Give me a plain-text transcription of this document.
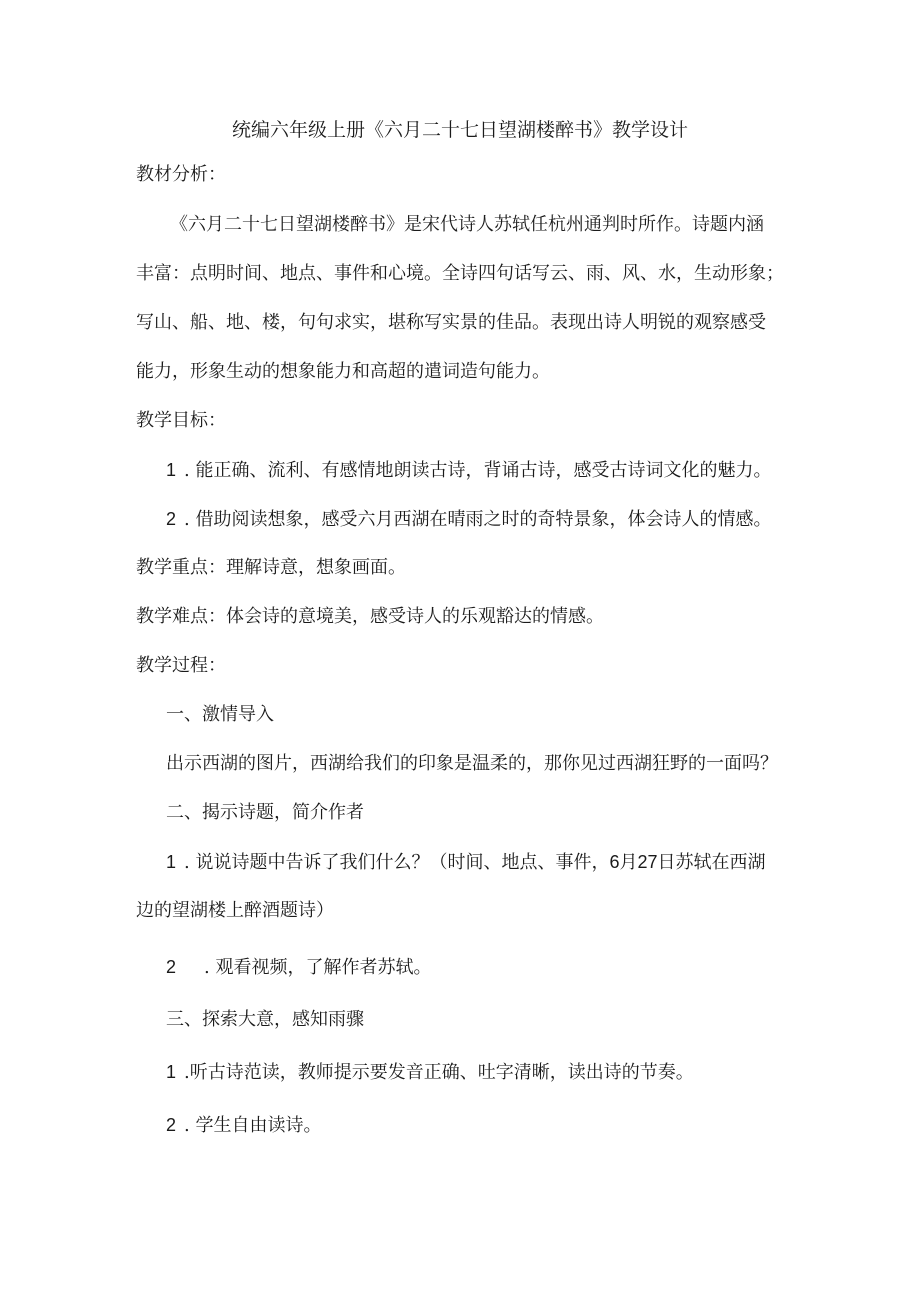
统编六年级上册《六月二十七日望湖楼醉书》教学设计
教材分析：
《六月二十七日望湖楼醉书》是宋代诗人苏轼任杭州通判时所作。诗题内涵
丰富：点明时间、地点、事件和心境。全诗四句话写云、雨、风、水，生动形象；
写山、船、地、楼，句句求实，堪称写实景的佳品。表现出诗人明锐的观察感受
能力，形象生动的想象能力和高超的遣词造句能力。
教学目标：
1 . 能正确、流利、有感情地朗读古诗，背诵古诗，感受古诗词文化的魅力。
2 . 借助阅读想象，感受六月西湖在晴雨之时的奇特景象，体会诗人的情感。
教学重点：理解诗意，想象画面。
教学难点：体会诗的意境美，感受诗人的乐观豁达的情感。
教学过程：
一、激情导入
出示西湖的图片，西湖给我们的印象是温柔的，那你见过西湖狂野的一面吗？
二、揭示诗题，简介作者
1 . 说说诗题中告诉了我们什么？（时间、地点、事件，6月27日苏轼在西湖
边的望湖楼上醉酒题诗）
2 . 观看视频，了解作者苏轼。
三、探索大意，感知雨骤
1 .听古诗范读，教师提示要发音正确、吐字清晰，读出诗的节奏。
2 . 学生自由读诗。
